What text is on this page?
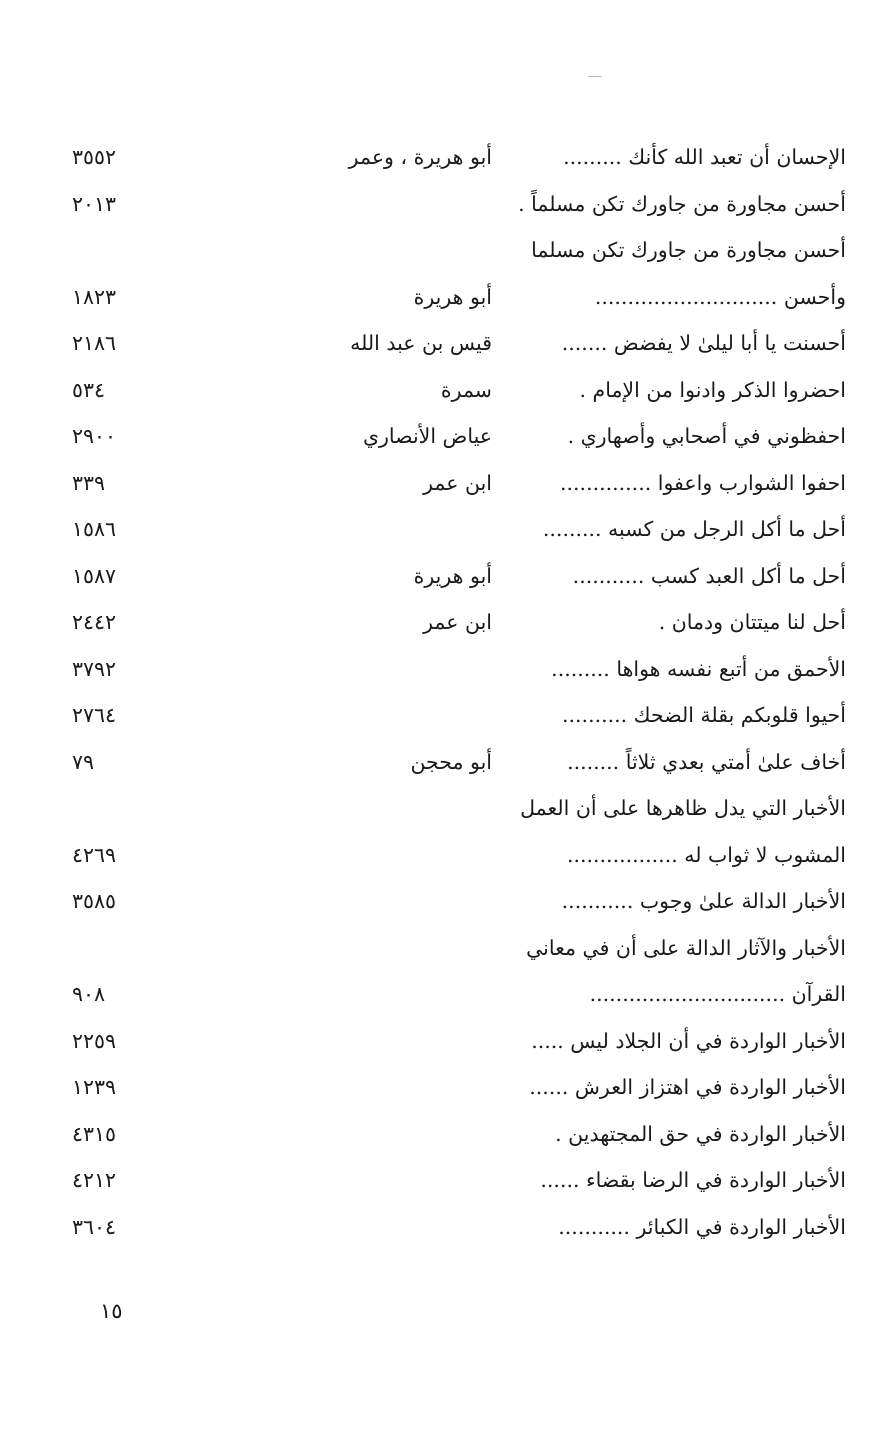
الإحسان أن تعبد الله كأنك .........
أبو هريرة ، وعمر
٣٥٥٢
أحسن مجاورة من جاورك تكن مسلماً .
٢٠١٣
أحسن مجاورة من جاورك تكن مسلما
وأحسن ............................
أبو هريرة
١٨٢٣
أحسنت يا أبا ليلىٰ لا يفضض .......
قيس بن عبد الله
٢١٨٦
احضروا الذكر وادنوا من الإمام .
سمرة
٥٣٤
احفظوني في أصحابي وأصهاري .
عياض الأنصاري
٢٩٠٠
احفوا الشوارب واعفوا ..............
ابن عمر
٣٣٩
أحل ما أكل الرجل من كسبه .........
١٥٨٦
أحل ما أكل العبد كسب ...........
أبو هريرة
١٥٨٧
أحل لنا ميتتان ودمان .
ابن عمر
٢٤٤٢
الأحمق من أتبع نفسه هواها .........
٣٧٩٢
أحيوا قلوبكم بقلة الضحك ..........
٢٧٦٤
أخاف علىٰ أمتي بعدي ثلاثاً ........
أبو محجن
٧٩
الأخبار التي يدل ظاهرها على أن العمل
المشوب لا ثواب له .................
٤٢٦٩
الأخبار الدالة علىٰ وجوب ...........
٣٥٨٥
الأخبار والآثار الدالة على أن في معاني
القرآن ..............................
٩٠٨
الأخبار الواردة في أن الجلاد ليس .....
٢٢٥٩
الأخبار الواردة في اهتزاز العرش ......
١٢٣٩
الأخبار الواردة في حق المجتهدين .
٤٣١٥
الأخبار الواردة في الرضا بقضاء ......
٤٢١٢
الأخبار الواردة في الكبائر ...........
٣٦٠٤
١٥
